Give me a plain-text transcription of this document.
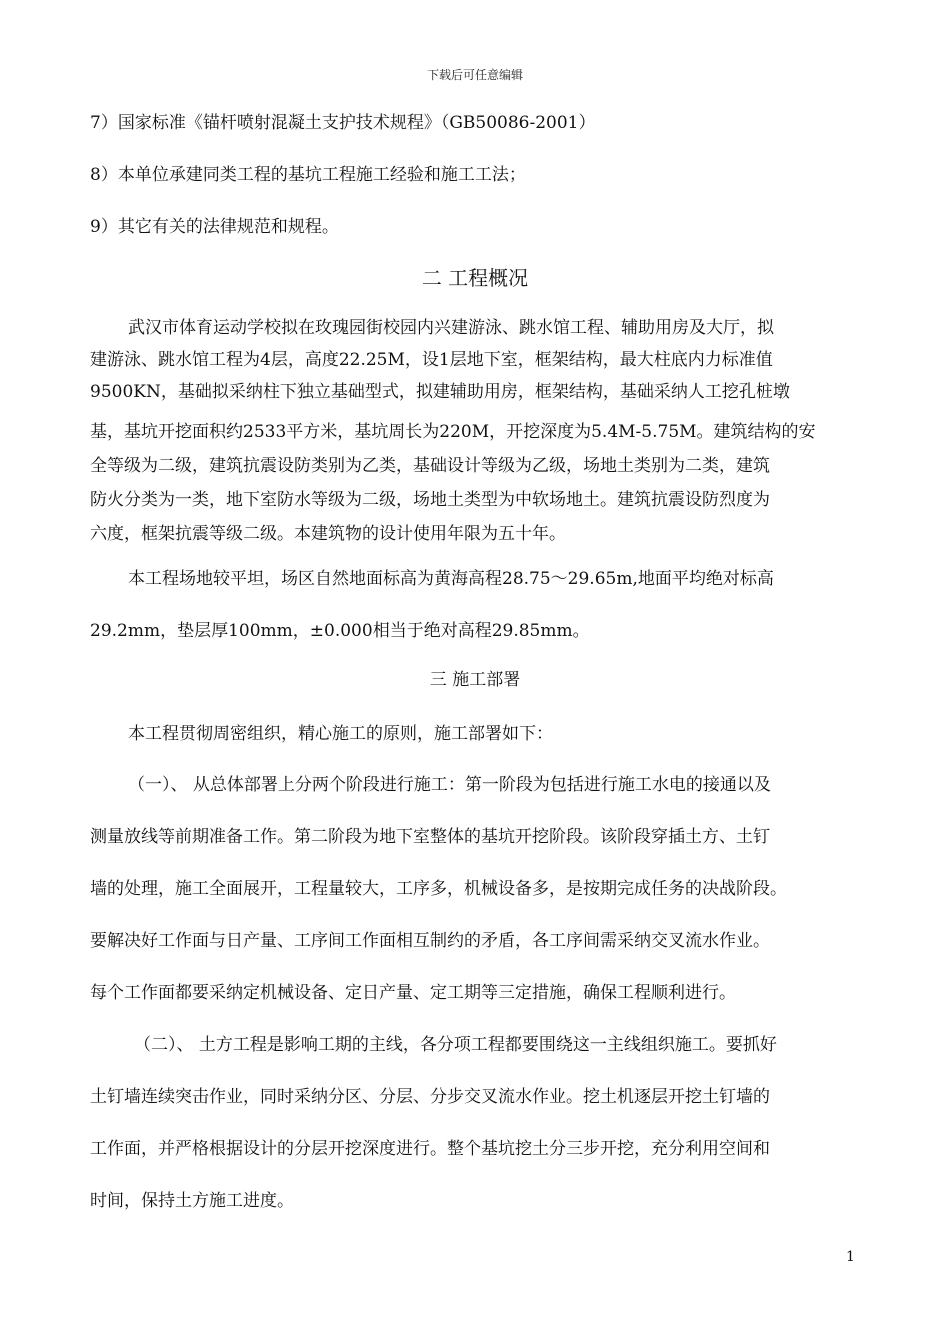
下载后可任意编辑
7）国家标准《锚杆喷射混凝土支护技术规程》（GB50086-2001）
8）本单位承建同类工程的基坑工程施工经验和施工工法；
9）其它有关的法律规范和规程。
二 工程概况
武汉市体育运动学校拟在玫瑰园街校园内兴建游泳、跳水馆工程、辅助用房及大厅，拟
建游泳、跳水馆工程为4层，高度22.25M，设1层地下室，框架结构，最大柱底内力标准值
9500KN，基础拟采纳柱下独立基础型式，拟建辅助用房，框架结构，基础采纳人工挖孔桩墩
基，基坑开挖面积约2533平方米，基坑周长为220M，开挖深度为5.4M-5.75M。建筑结构的安
全等级为二级，建筑抗震设防类别为乙类，基础设计等级为乙级，场地土类别为二类，建筑
防火分类为一类，地下室防水等级为二级，场地土类型为中软场地土。建筑抗震设防烈度为
六度，框架抗震等级二级。本建筑物的设计使用年限为五十年。
本工程场地较平坦，场区自然地面标高为黄海高程28.75～29.65m,地面平均绝对标高
29.2mm，垫层厚100mm，±0.000相当于绝对高程29.85mm。
三 施工部署
本工程贯彻周密组织，精心施工的原则，施工部署如下：
（一）、 从总体部署上分两个阶段进行施工：第一阶段为包括进行施工水电的接通以及
测量放线等前期准备工作。第二阶段为地下室整体的基坑开挖阶段。该阶段穿插土方、土钉
墙的处理，施工全面展开，工程量较大，工序多，机械设备多，是按期完成任务的决战阶段。
要解决好工作面与日产量、工序间工作面相互制约的矛盾，各工序间需采纳交叉流水作业。
每个工作面都要采纳定机械设备、定日产量、定工期等三定措施，确保工程顺利进行。
（二）、 土方工程是影响工期的主线，各分项工程都要围绕这一主线组织施工。要抓好
土钉墙连续突击作业，同时采纳分区、分层、分步交叉流水作业。挖土机逐层开挖土钉墙的
工作面，并严格根据设计的分层开挖深度进行。整个基坑挖土分三步开挖，充分利用空间和
时间，保持土方施工进度。
1
